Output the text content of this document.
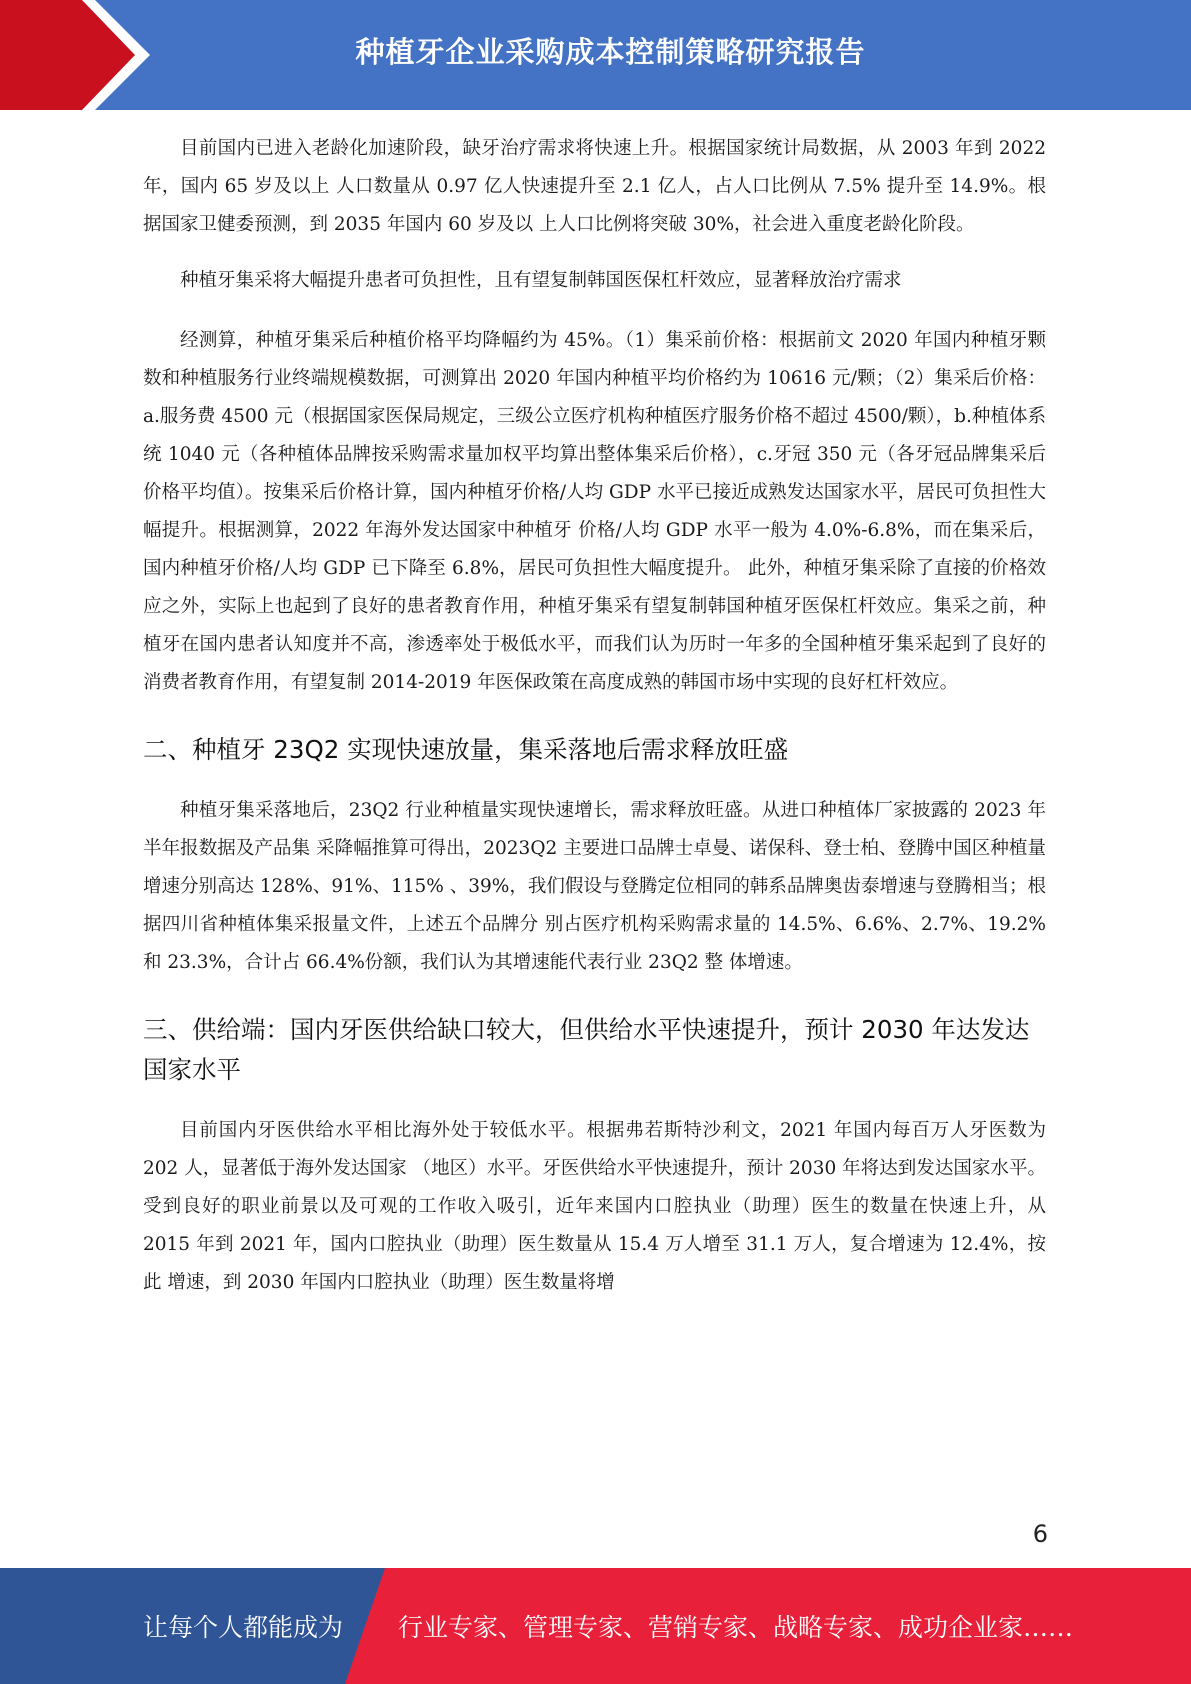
种植牙企业采购成本控制策略研究报告

目前国内已进入老龄化加速阶段，缺牙治疗需求将快速上升。根据国家统计局数据，从 2003 年到 2022 年，国内 65 岁及以上 人口数量从 0.97 亿人快速提升至 2.1 亿人，占人口比例从 7.5% 提升至 14.9%。根据国家卫健委预测，到 2035 年国内 60 岁及以 上人口比例将突破 30%，社会进入重度老龄化阶段。

种植牙集采将大幅提升患者可负担性，且有望复制韩国医保杠杆效应，显著释放治疗需求

经测算，种植牙集采后种植价格平均降幅约为 45%。（1）集采前价格：根据前文 2020 年国内种植牙颗数和种植服务行业终端规模数据，可测算出 2020 年国内种植平均价格约为 10616 元/颗；（2）集采后价格：a.服务费 4500 元（根据国家医保局规定，三级公立医疗机构种植医疗服务价格不超过 4500/颗），b.种植体系统 1040 元（各种植体品牌按采购需求量加权平均算出整体集采后价格），c.牙冠 350 元（各牙冠品牌集采后价格平均值）。按集采后价格计算，国内种植牙价格/人均 GDP 水平已接近成熟发达国家水平，居民可负担性大幅提升。根据测算，2022 年海外发达国家中种植牙 价格/人均 GDP 水平一般为 4.0%-6.8%，而在集采后，国内种植牙价格/人均 GDP 已下降至 6.8%，居民可负担性大幅度提升。 此外，种植牙集采除了直接的价格效应之外，实际上也起到了良好的患者教育作用，种植牙集采有望复制韩国种植牙医保杠杆效应。集采之前，种 植牙在国内患者认知度并不高，渗透率处于极低水平，而我们认为历时一年多的全国种植牙集采起到了良好的消费者教育作用，有望复制 2014-2019 年医保政策在高度成熟的韩国市场中实现的良好杠杆效应。

二、种植牙 23Q2 实现快速放量，集采落地后需求释放旺盛

种植牙集采落地后，23Q2 行业种植量实现快速增长，需求释放旺盛。从进口种植体厂家披露的 2023 年半年报数据及产品集 采降幅推算可得出，2023Q2 主要进口品牌士卓曼、诺保科、登士柏、登腾中国区种植量增速分别高达 128%、91%、115% 、39%，我们假设与登腾定位相同的韩系品牌奥齿泰增速与登腾相当；根据四川省种植体集采报量文件，上述五个品牌分 别占医疗机构采购需求量的 14.5%、6.6%、2.7%、19.2%和 23.3%，合计占 66.4%份额，我们认为其增速能代表行业 23Q2 整 体增速。

三、供给端：国内牙医供给缺口较大，但供给水平快速提升，预计 2030 年达发达国家水平

目前国内牙医供给水平相比海外处于较低水平。根据弗若斯特沙利文，2021 年国内每百万人牙医数为 202 人，显著低于海外发达国家 （地区）水平。牙医供给水平快速提升，预计 2030 年将达到发达国家水平。受到良好的职业前景以及可观的工作收入吸引，近年来国内口腔执业（助理）医生的数量在快速上升，从 2015 年到 2021 年，国内口腔执业（助理）医生数量从 15.4 万人增至 31.1 万人，复合增速为 12.4%，按此 增速，到 2030 年国内口腔执业（助理）医生数量将增

6
让每个人都能成为 行业专家、管理专家、营销专家、战略专家、成功企业家……
